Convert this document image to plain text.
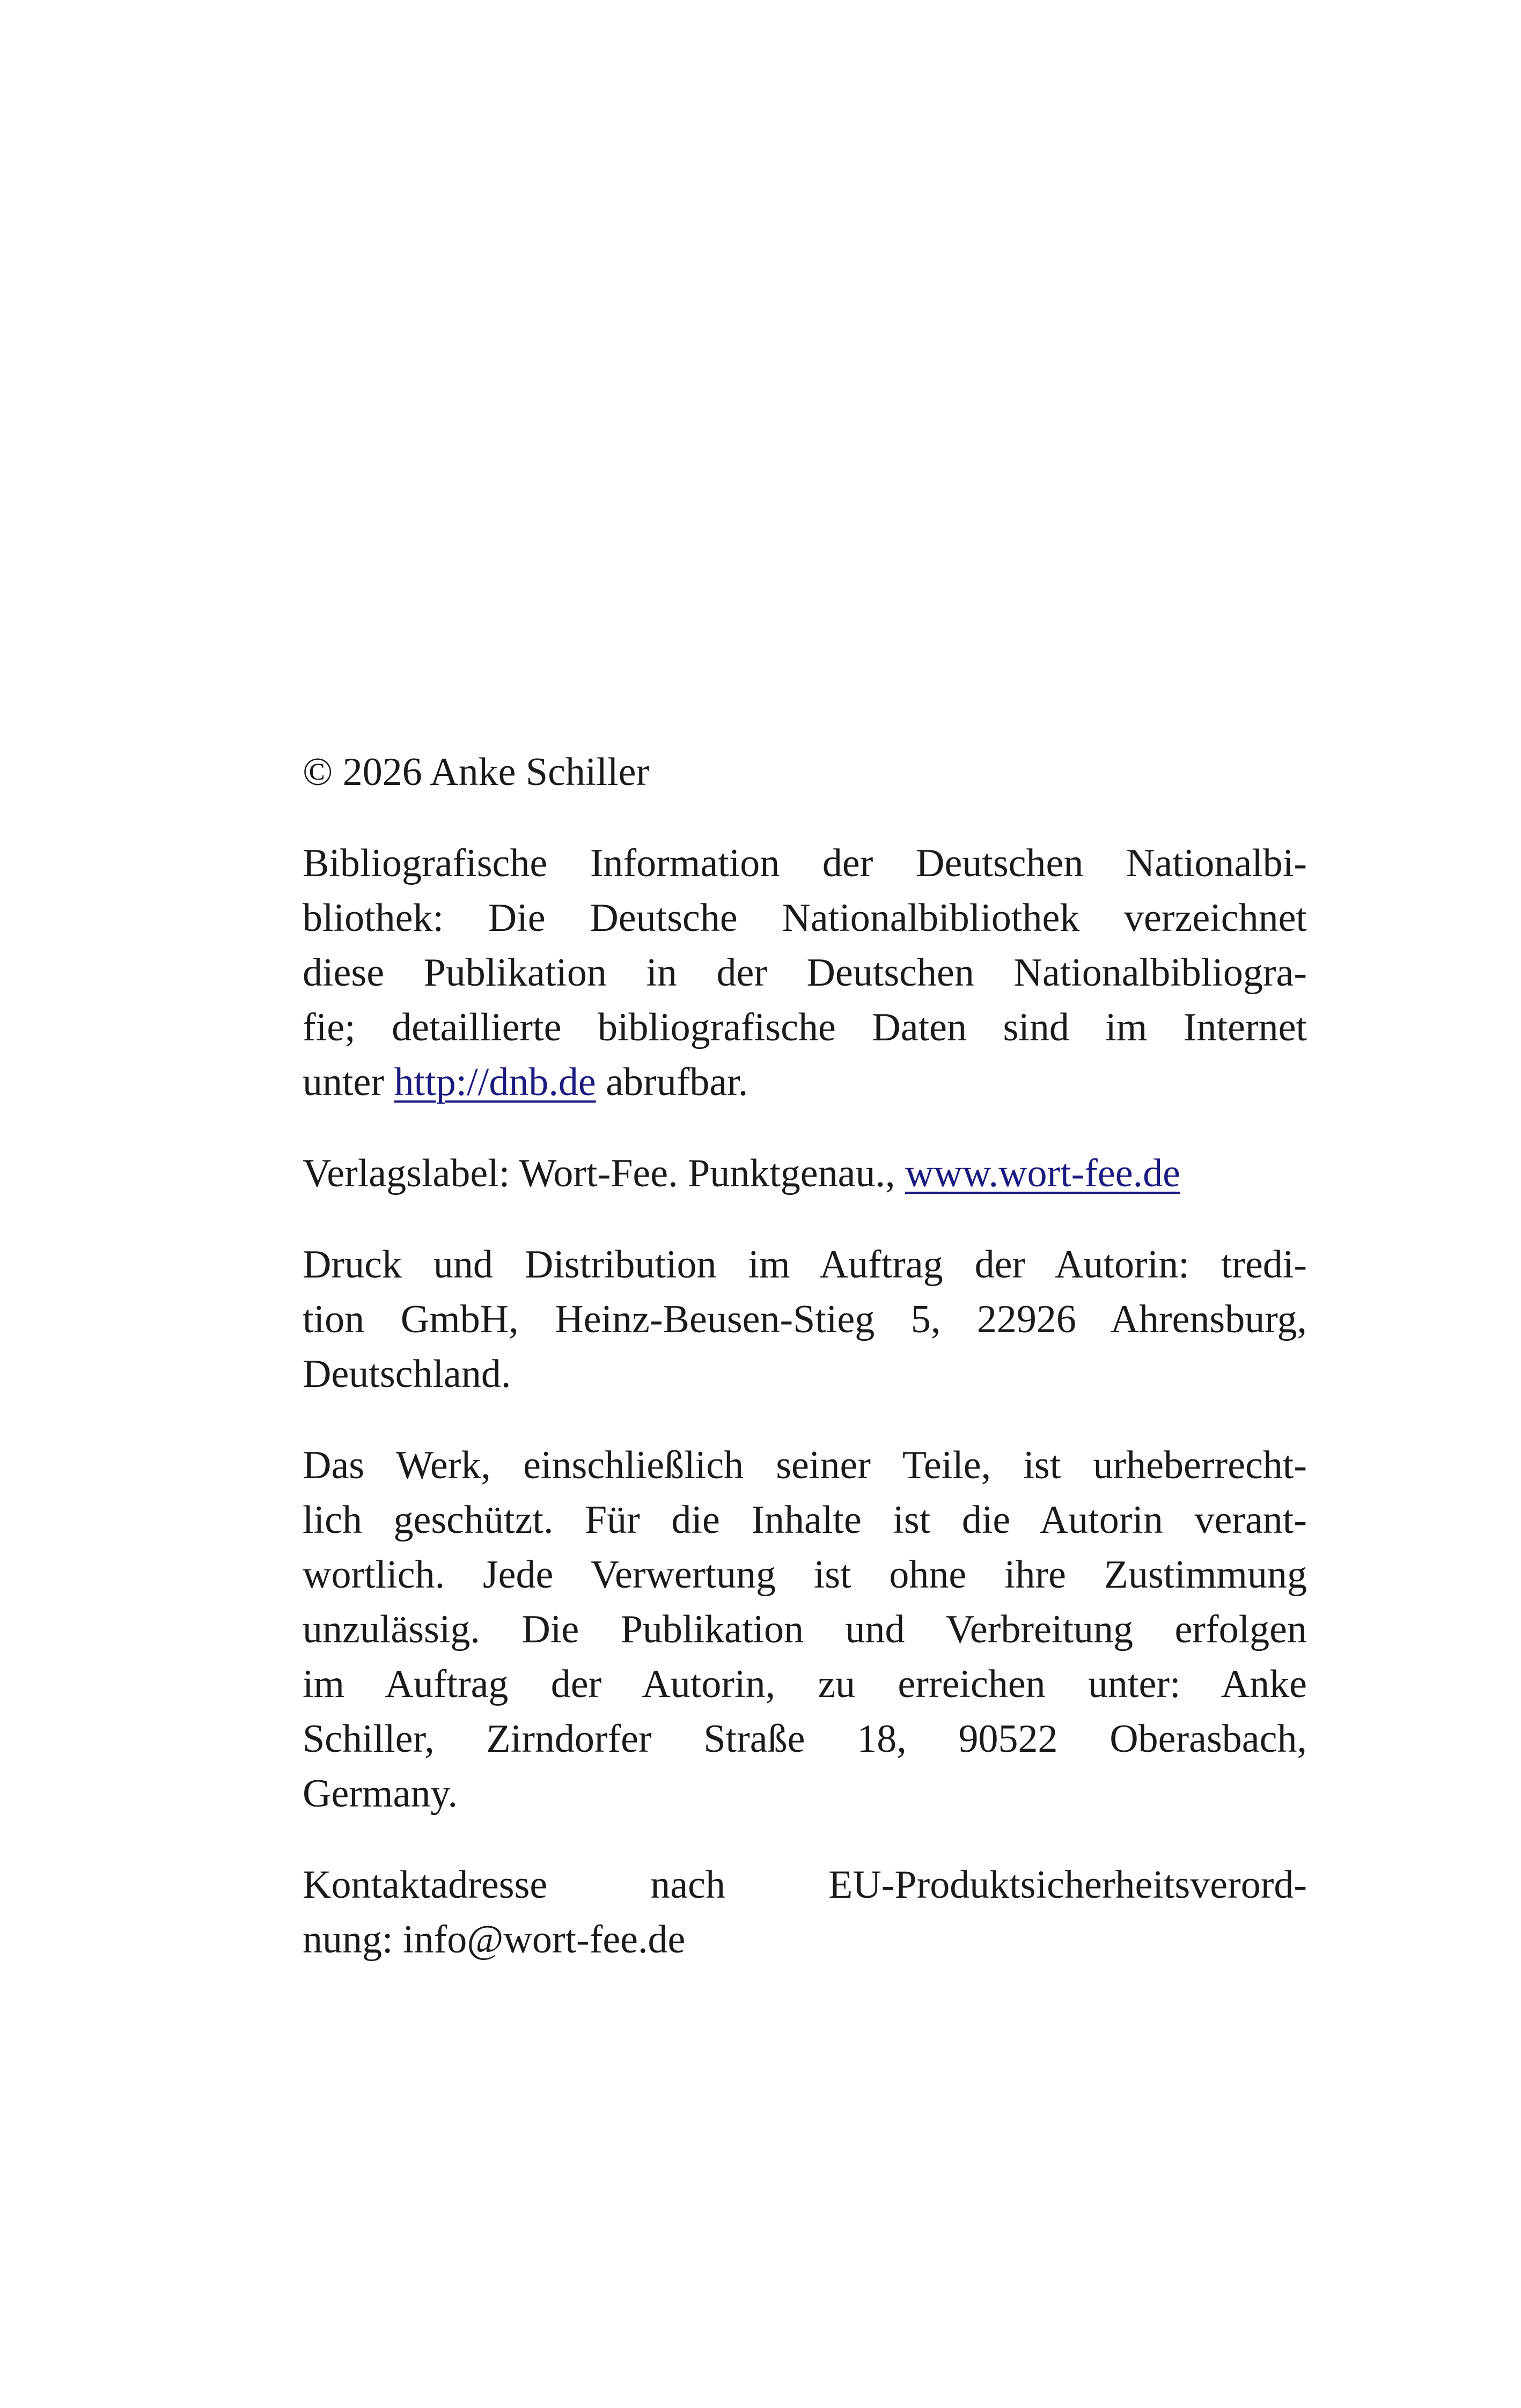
© 2026 Anke Schiller

Bibliografische Information der Deutschen Nationalbi-
bliothek: Die Deutsche Nationalbibliothek verzeichnet
diese Publikation in der Deutschen Nationalbibliogra-
fie; detaillierte bibliografische Daten sind im Internet
unter http://dnb.de abrufbar.

Verlagslabel: Wort-Fee. Punktgenau., www.wort-fee.de

Druck und Distribution im Auftrag der Autorin: tredi-
tion GmbH, Heinz-Beusen-Stieg 5, 22926 Ahrensburg,
Deutschland.

Das Werk, einschließlich seiner Teile, ist urheberrecht-
lich geschützt. Für die Inhalte ist die Autorin verant-
wortlich. Jede Verwertung ist ohne ihre Zustimmung
unzulässig. Die Publikation und Verbreitung erfolgen
im Auftrag der Autorin, zu erreichen unter: Anke
Schiller, Zirndorfer Straße 18, 90522 Oberasbach,
Germany.

Kontaktadresse nach EU-Produktsicherheitsverord-
nung: info@wort-fee.de
